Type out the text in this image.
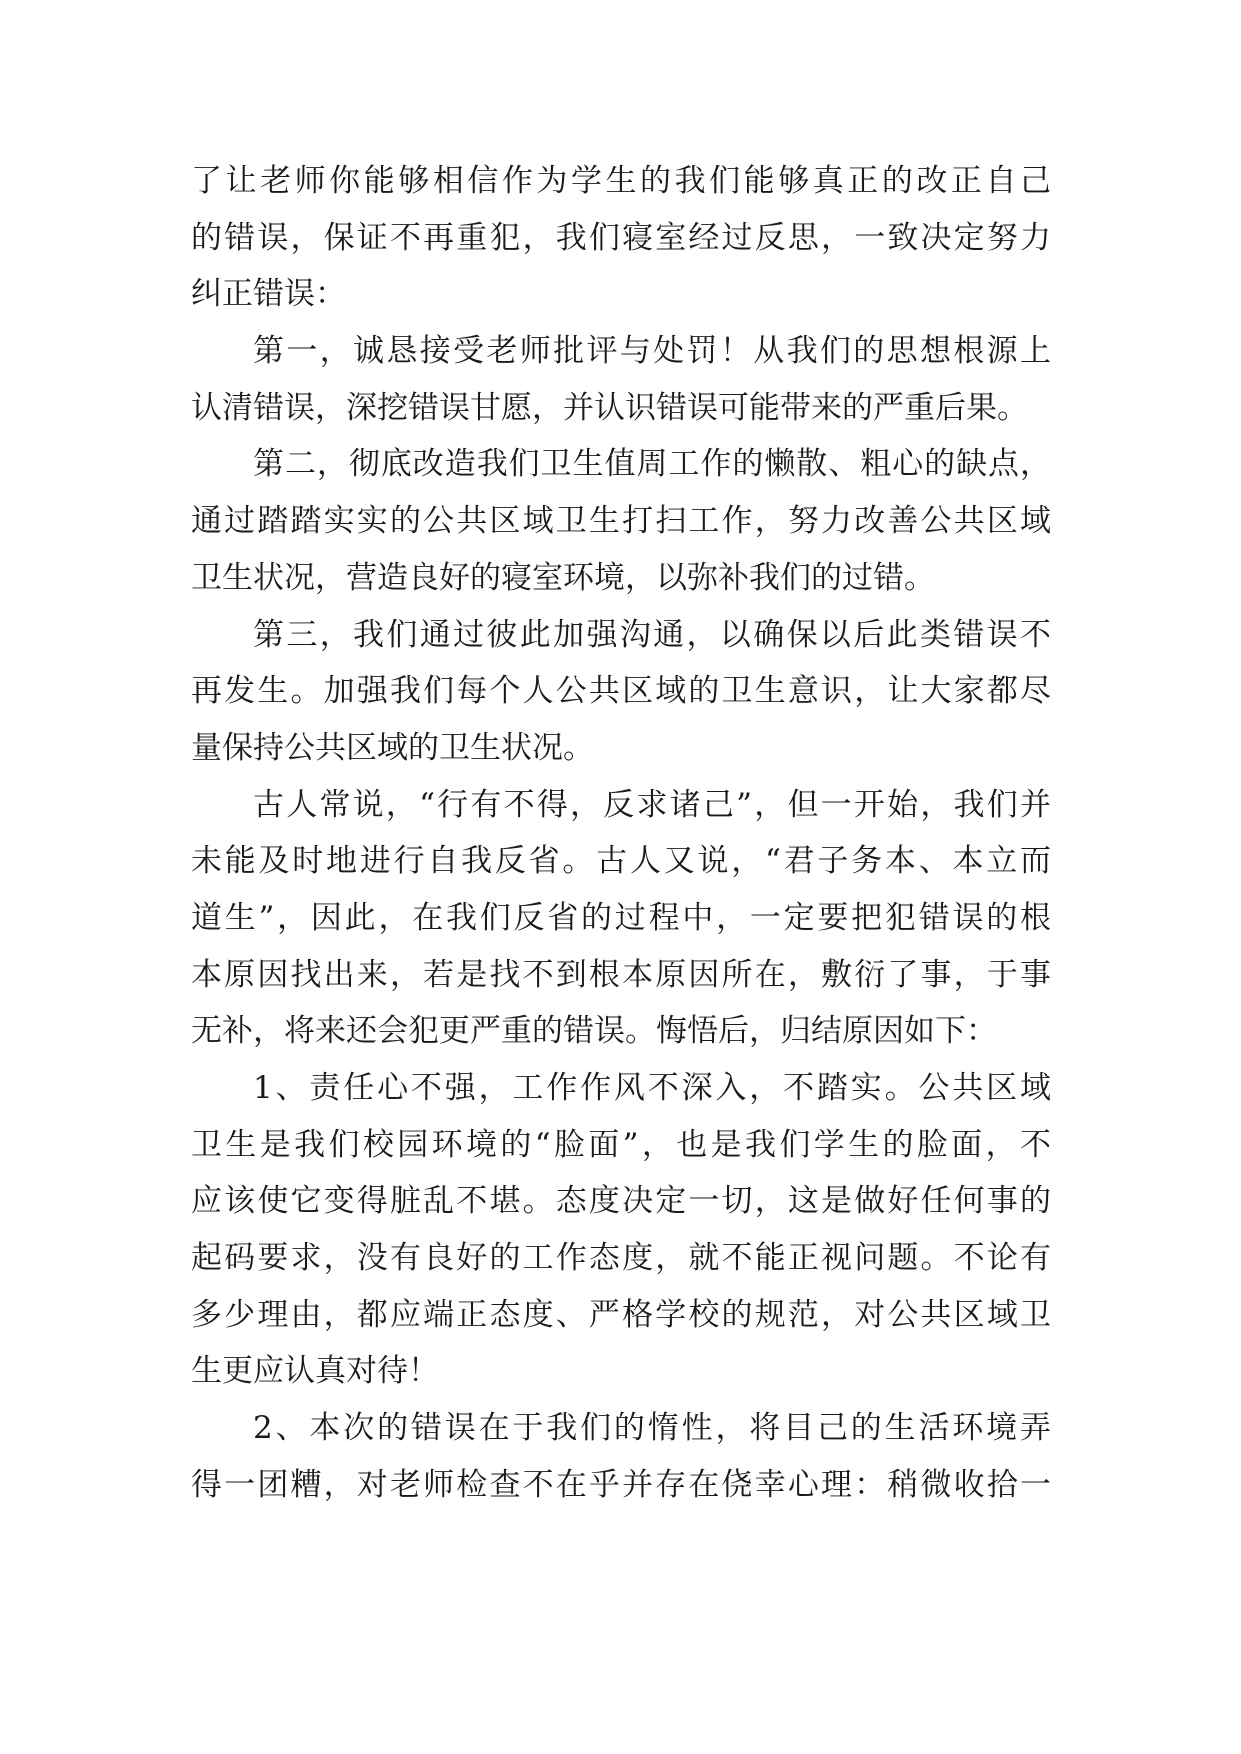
了让老师你能够相信作为学生的我们能够真正的改正自己
的错误，保证不再重犯，我们寝室经过反思，一致决定努力
纠正错误：
第一，诚恳接受老师批评与处罚！从我们的思想根源上
认清错误，深挖错误甘愿，并认识错误可能带来的严重后果。
第二，彻底改造我们卫生值周工作的懒散、粗心的缺点，
通过踏踏实实的公共区域卫生打扫工作，努力改善公共区域
卫生状况，营造良好的寝室环境，以弥补我们的过错。
第三，我们通过彼此加强沟通，以确保以后此类错误不
再发生。加强我们每个人公共区域的卫生意识，让大家都尽
量保持公共区域的卫生状况。
古人常说，“行有不得，反求诸己”，但一开始，我们并
未能及时地进行自我反省。古人又说，“君子务本、本立而
道生”，因此，在我们反省的过程中，一定要把犯错误的根
本原因找出来，若是找不到根本原因所在，敷衍了事，于事
无补，将来还会犯更严重的错误。悔悟后，归结原因如下：
1、责任心不强，工作作风不深入，不踏实。公共区域
卫生是我们校园环境的“脸面”，也是我们学生的脸面，不
应该使它变得脏乱不堪。态度决定一切，这是做好任何事的
起码要求，没有良好的工作态度，就不能正视问题。不论有
多少理由，都应端正态度、严格学校的规范，对公共区域卫
生更应认真对待！
2、本次的错误在于我们的惰性，将目己的生活环境弄
得一团糟，对老师检查不在乎并存在侥幸心理：稍微收拾一
